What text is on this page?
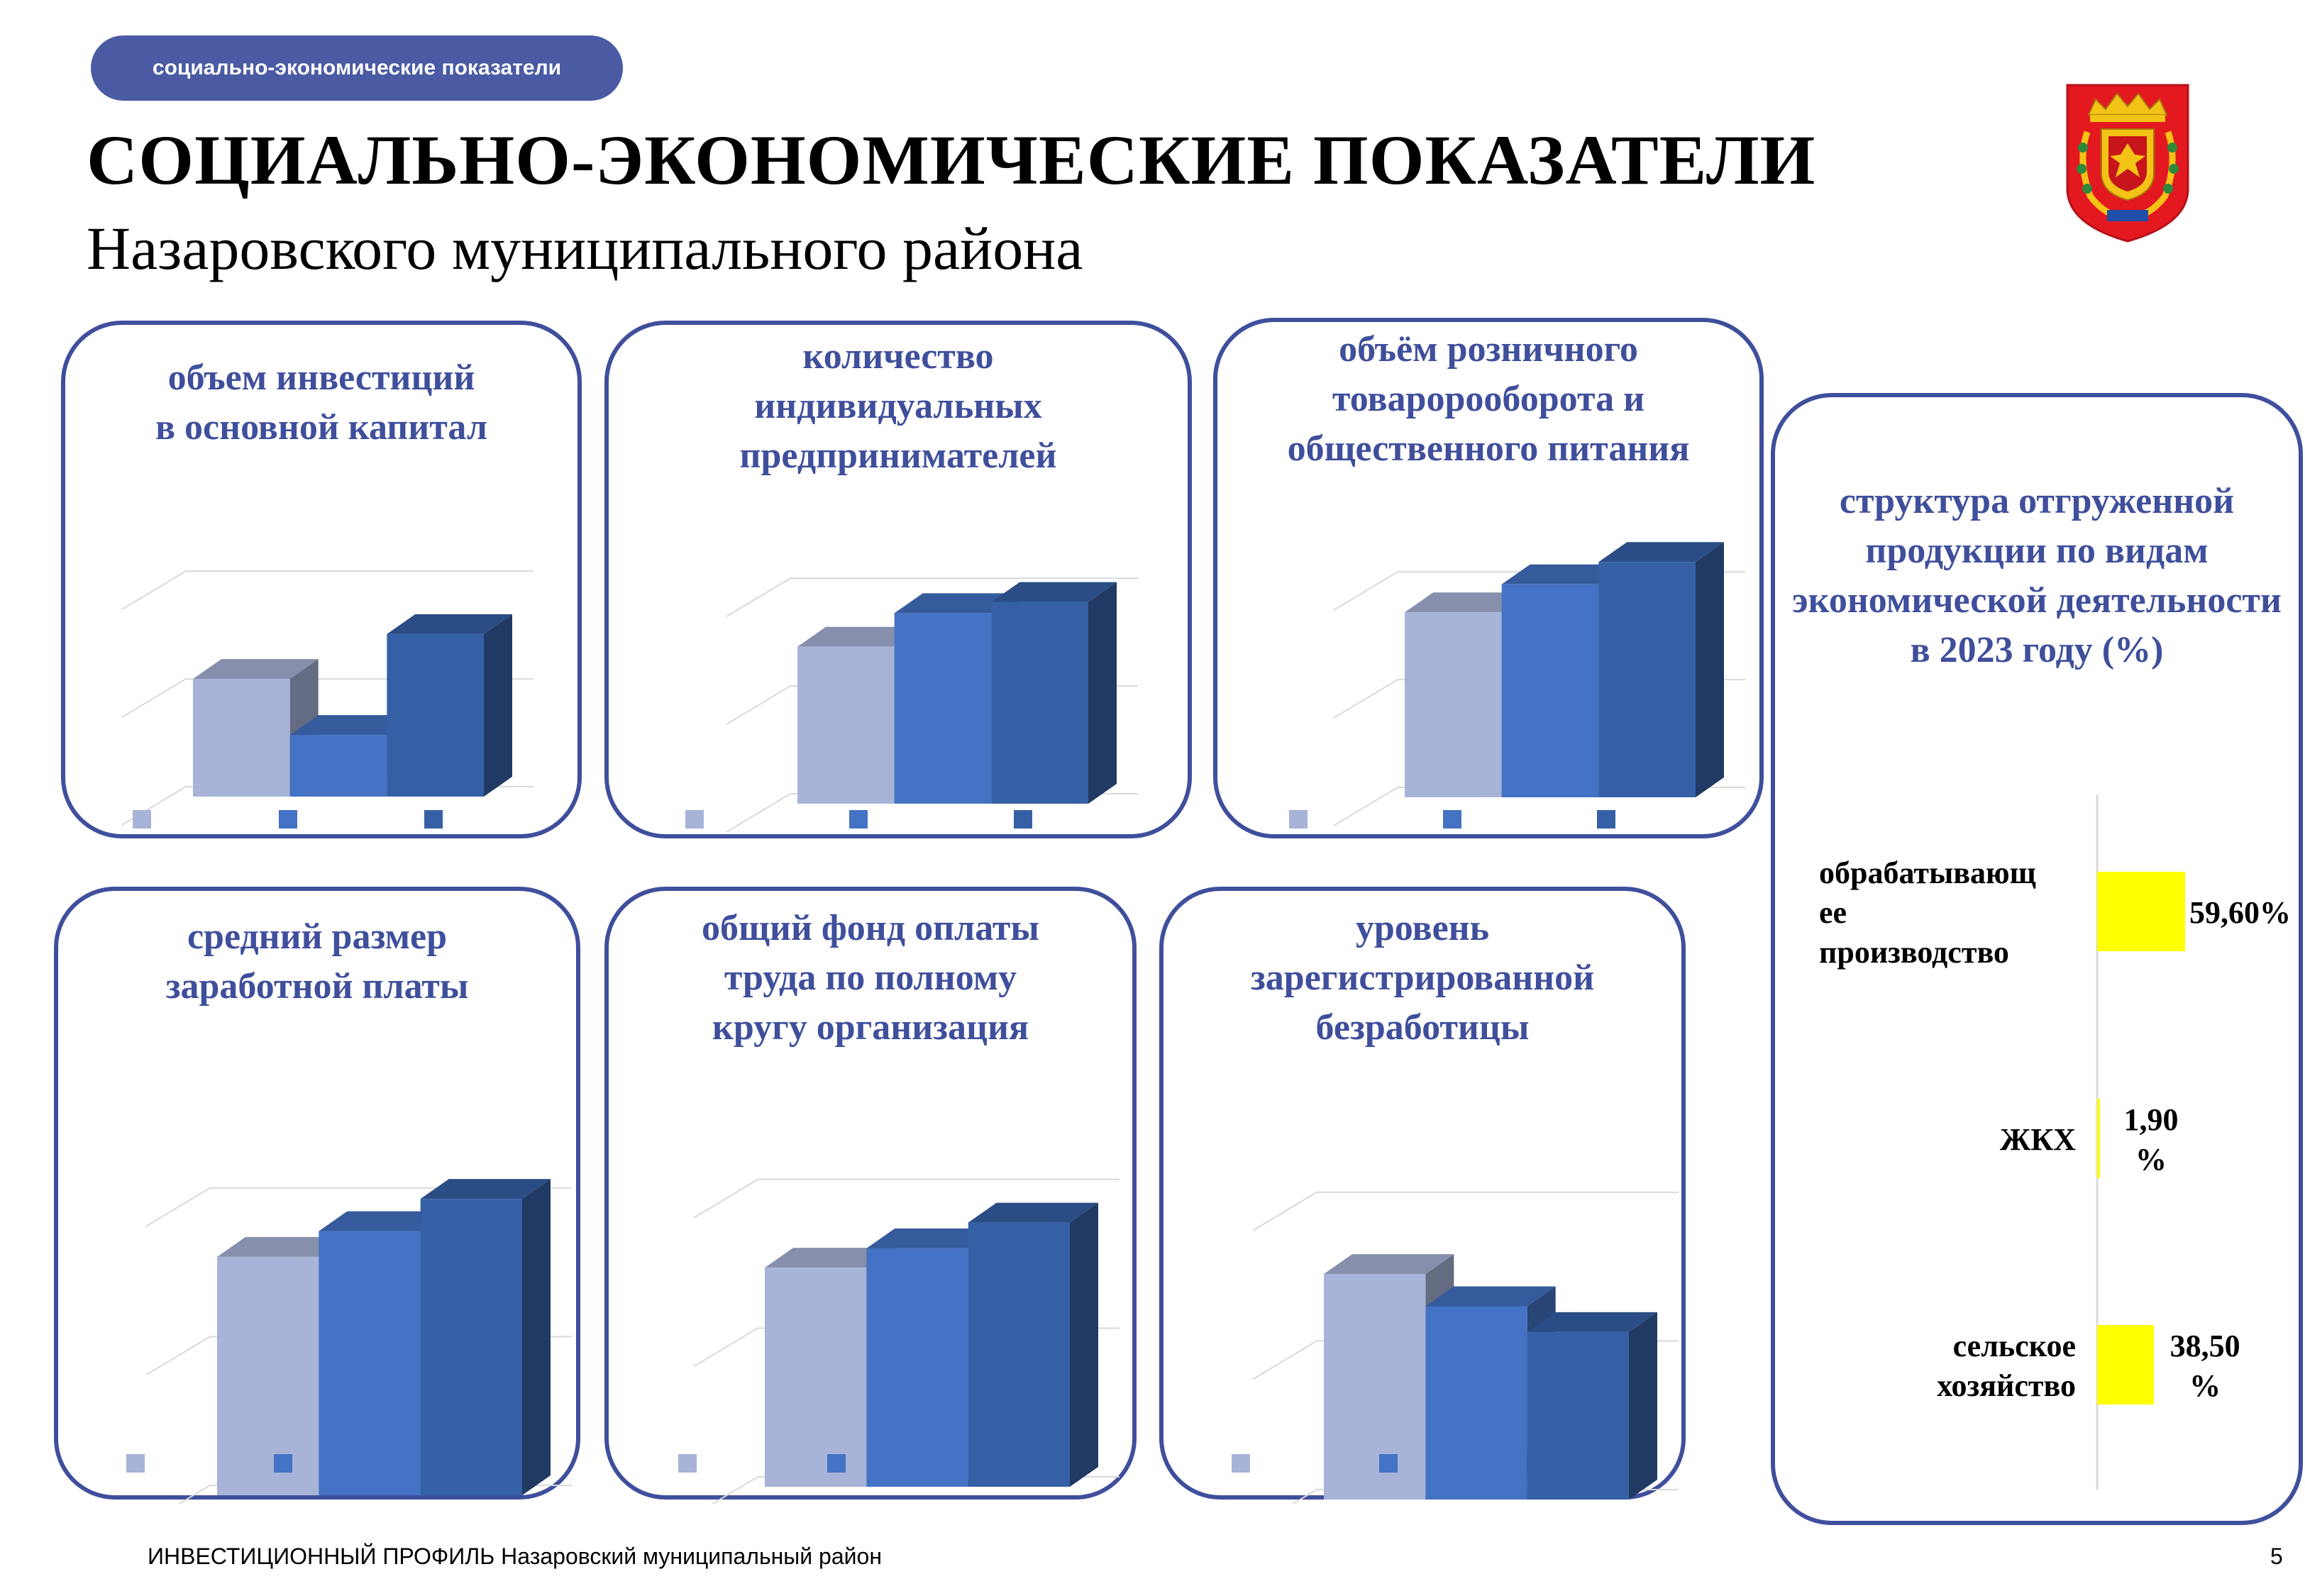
социально-экономические показатели
СОЦИАЛЬНО-ЭКОНОМИЧЕСКИЕ ПОКАЗАТЕЛИ
Назаровского муниципального района
объем инвестиций
в основной капитал
количество
индивидуальных
предпринимателей
объём розничного
товаророоборота и
общественного питания
средний размер
заработной платы
общий фонд оплаты
труда по полному
кругу организация
уровень
зарегистрированной
безработицы
структура отгруженной продукции по видам экономической деятельности в 2023 году (%)
обрабатывающ
ее
производство
59,60%
ЖКХ
1,90
%
сельское
хозяйство
38,50
%
ИНВЕСТИЦИОННЫЙ ПРОФИЛЬ Назаровский муниципальный район	5
